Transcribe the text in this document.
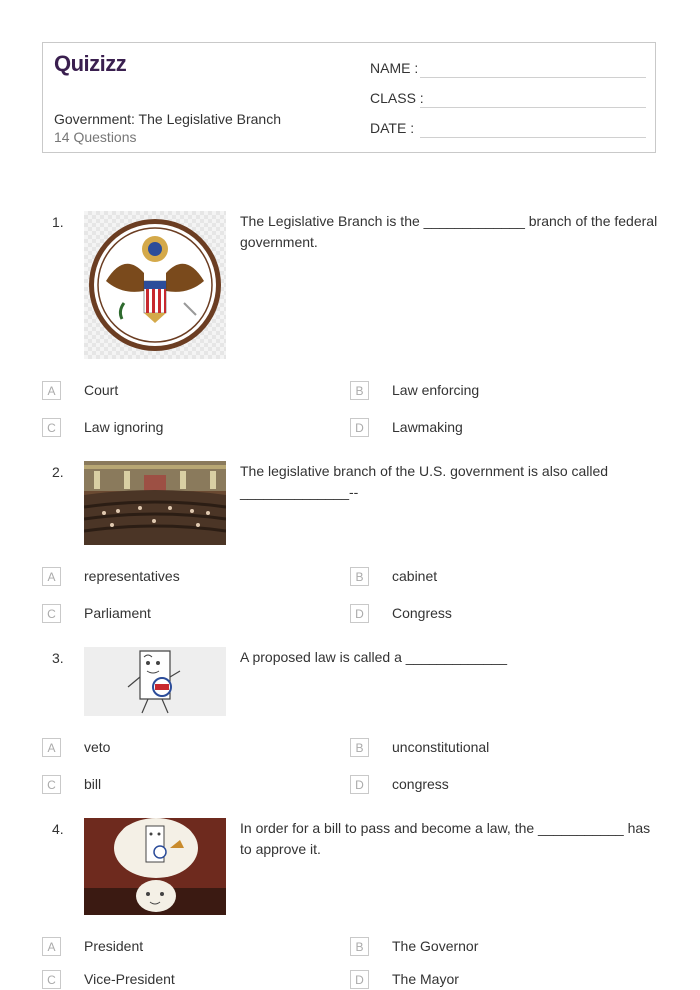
Quizizz
Government: The Legislative Branch
14 Questions
NAME :
CLASS :
DATE :
1.	The Legislative Branch is the _____________ branch of the federal government.
A	Court	B	Law enforcing
C	Law ignoring	D	Lawmaking
2.	The legislative branch of the U.S. government is also called ______________--
A	representatives	B	cabinet
C	Parliament	D	Congress
3.	A proposed law is called a _____________
A	veto	B	unconstitutional
C	bill	D	congress
4.	In order for a bill to pass and become a law, the ___________ has to approve it.
A	President	B	The Governor
C	Vice-President	D	The Mayor
